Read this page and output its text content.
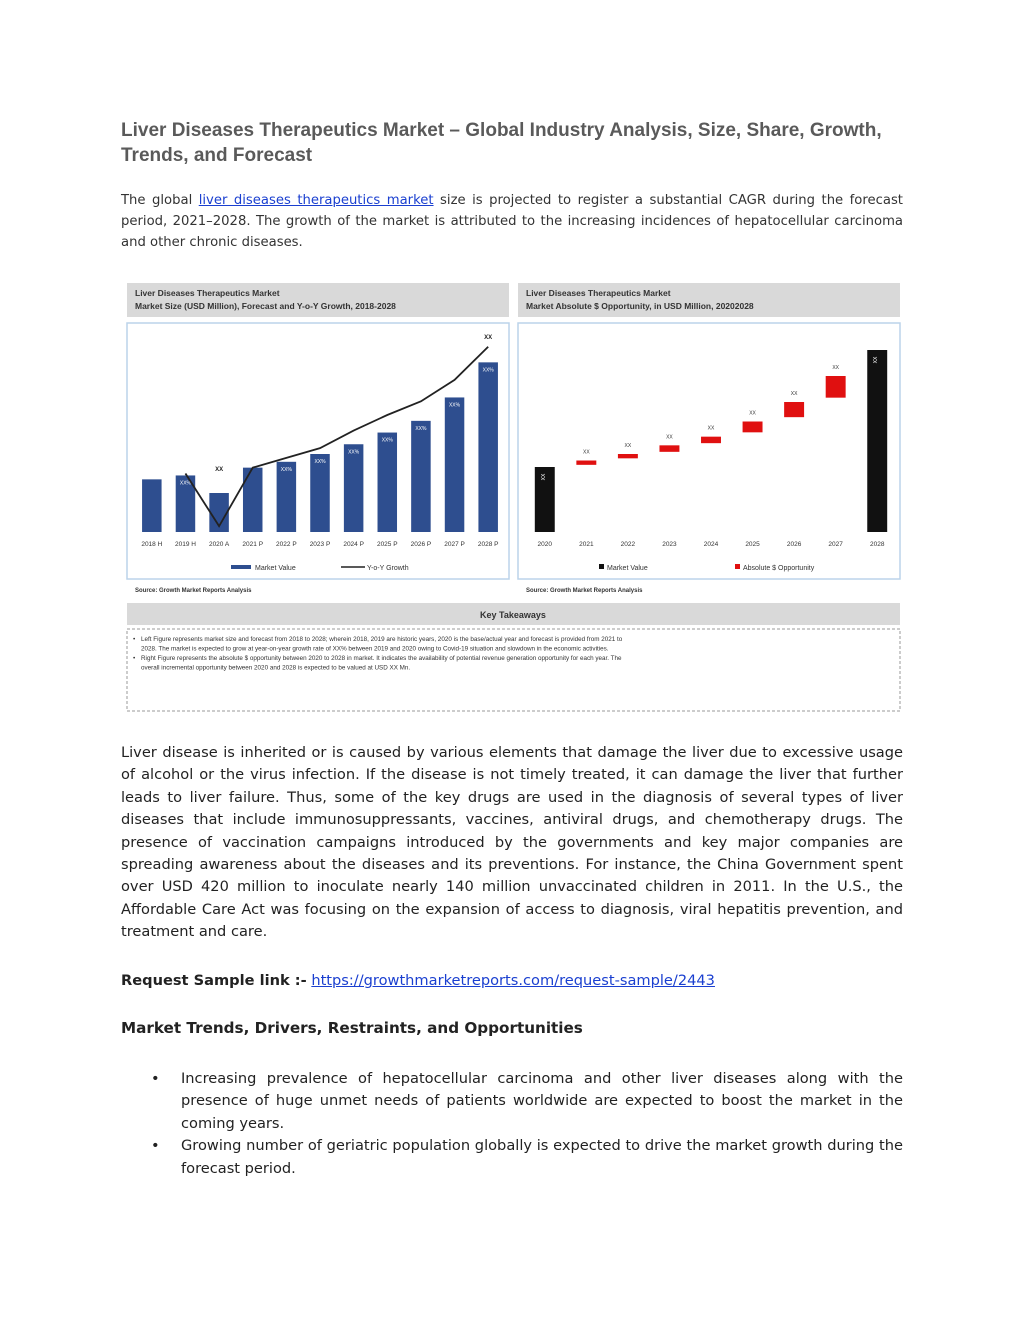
Liver Diseases Therapeutics Market – Global Industry Analysis, Size, Share, Growth, Trends, and Forecast

The global liver diseases therapeutics market size is projected to register a substantial CAGR during the forecast period, 2021–2028. The growth of the market is attributed to the increasing incidences of hepatocellular carcinoma and other chronic diseases.

Liver Diseases Therapeutics Market
Market Size (USD Million), Forecast and Y-o-Y Growth, 2018-2028
2018 H
XX%
2019 H 2020 A 2021 P
XX%
2022 P
XX%
2023 P
XX%
2024 P
XX%
2025 P
XX%
2026 P
XX%
2027 P
XX%
2028 P
XX
XX
Market Value	Y-o-Y Growth
Source: Growth Market Reports Analysis
Liver Diseases Therapeutics Market
Market Absolute $ Opportunity, in USD Million, 20202028
XX
2020
XX
2021
XX
2022
XX
2023
XX
2024
XX
2025
XX
2026
XX
2027
XX
2028
Market Value	Absolute $ Opportunity
Source: Growth Market Reports Analysis
Key Takeaways
• Left Figure represents market size and forecast from 2018 to 2028; wherein 2018, 2019 are historic years, 2020 is the base/actual year and forecast is provided from 2021 to
2028. The market is expected to grow at year-on-year growth rate of XX% between 2019 and 2020 owing to Covid-19 situation and slowdown in the economic activities.
• Right Figure represents the absolute $ opportunity between 2020 to 2028 in market. It indicates the availability of potential revenue generation opportunity for each year. The
overall incremental opportunity between 2020 and 2028 is expected to be valued at USD XX Mn.

Liver disease is inherited or is caused by various elements that damage the liver due to excessive usage of alcohol or the virus infection. If the disease is not timely treated, it can damage the liver that further leads to liver failure. Thus, some of the key drugs are used in the diagnosis of several types of liver diseases that include immunosuppressants, vaccines, antiviral drugs, and chemotherapy drugs. The presence of vaccination campaigns introduced by the governments and key major companies are spreading awareness about the diseases and its preventions. For instance, the China Government spent over USD 420 million to inoculate nearly 140 million unvaccinated children in 2011. In the U.S., the Affordable Care Act was focusing on the expansion of access to diagnosis, viral hepatitis prevention, and treatment and care.

Request Sample link :- https://growthmarketreports.com/request-sample/2443

Market Trends, Drivers, Restraints, and Opportunities
• Increasing prevalence of hepatocellular carcinoma and other liver diseases along with the presence of huge unmet needs of patients worldwide are expected to boost the market in the coming years.
• Growing number of geriatric population globally is expected to drive the market growth during the forecast period.
